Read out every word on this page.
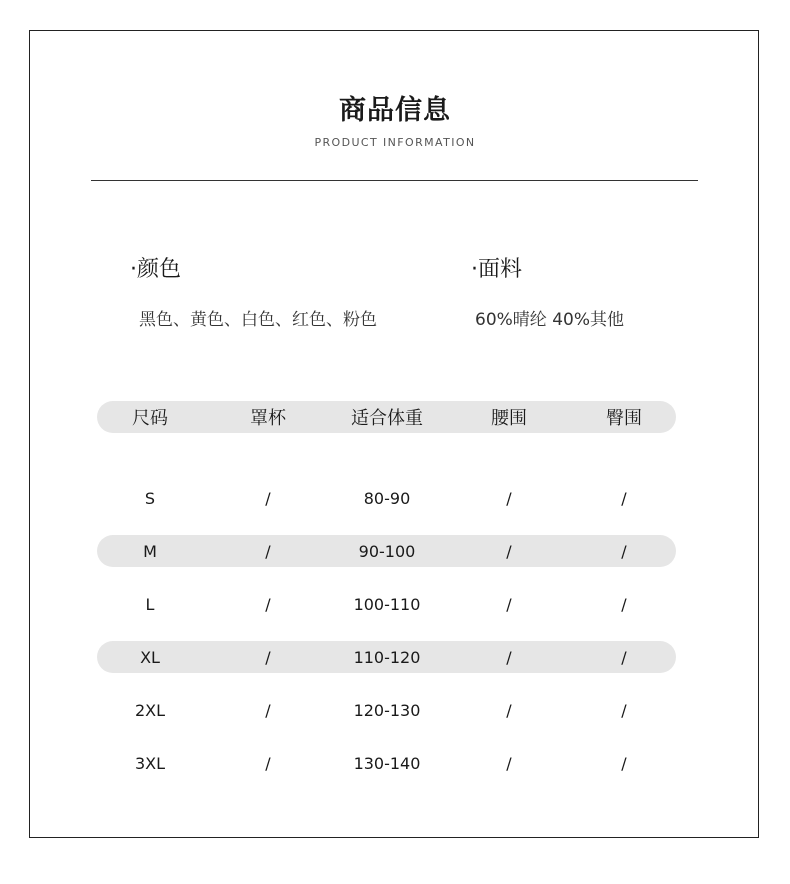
商品信息
PRODUCT INFORMATION
·颜色
黑色、黄色、白色、红色、粉色
·面料
60%晴纶 40%其他
尺码	罩杯	适合体重	腰围	臀围
S	/	80-90	/	/
M	/	90-100	/	/
L	/	100-110	/	/
XL	/	110-120	/	/
2XL	/	120-130	/	/
3XL	/	130-140	/	/
